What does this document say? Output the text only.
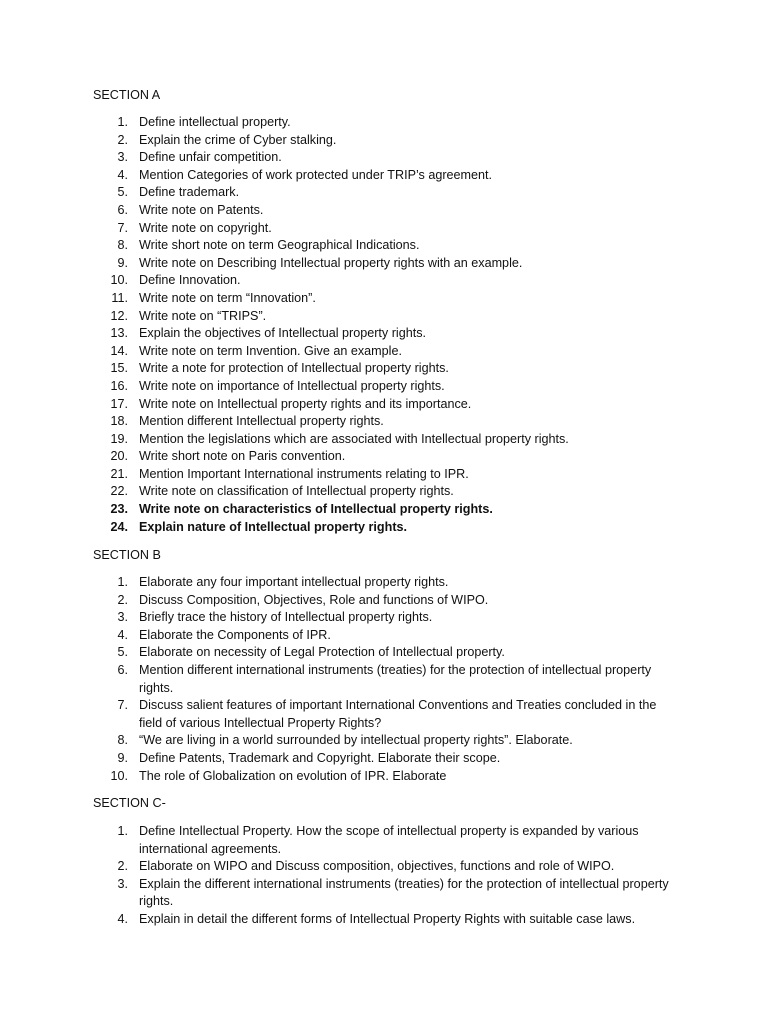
SECTION A
1. Define intellectual property.
2. Explain the crime of Cyber stalking.
3. Define unfair competition.
4. Mention Categories of work protected under TRIP’s agreement.
5. Define trademark.
6. Write note on Patents.
7. Write note on copyright.
8. Write short note on term Geographical Indications.
9. Write note on Describing Intellectual property rights with an example.
10. Define Innovation.
11. Write note on term “Innovation”.
12. Write note on “TRIPS”.
13. Explain the objectives of Intellectual property rights.
14. Write note on term Invention. Give an example.
15. Write a note for protection of Intellectual property rights.
16. Write note on importance of Intellectual property rights.
17. Write note on Intellectual property rights and its importance.
18. Mention different Intellectual property rights.
19. Mention the legislations which are associated with Intellectual property rights.
20. Write short note on Paris convention.
21. Mention Important International instruments relating to IPR.
22. Write note on classification of Intellectual property rights.
23. Write note on characteristics of Intellectual property rights.
24. Explain nature of Intellectual property rights.
SECTION B
1. Elaborate any four important intellectual property rights.
2. Discuss Composition, Objectives, Role and functions of WIPO.
3. Briefly trace the history of Intellectual property rights.
4. Elaborate the Components of IPR.
5. Elaborate on necessity of Legal Protection of Intellectual property.
6. Mention different international instruments (treaties) for the protection of intellectual property rights.
7. Discuss salient features of important International Conventions and Treaties concluded in the field of various Intellectual Property Rights?
8. “We are living in a world surrounded by intellectual property rights”. Elaborate.
9. Define Patents, Trademark and Copyright. Elaborate their scope.
10. The role of Globalization on evolution of IPR. Elaborate
SECTION C-
1. Define Intellectual Property. How the scope of intellectual property is expanded by various international agreements.
2. Elaborate on WIPO and Discuss composition, objectives, functions and role of WIPO.
3. Explain the different international instruments (treaties) for the protection of intellectual property rights.
4. Explain in detail the different forms of Intellectual Property Rights with suitable case laws.
